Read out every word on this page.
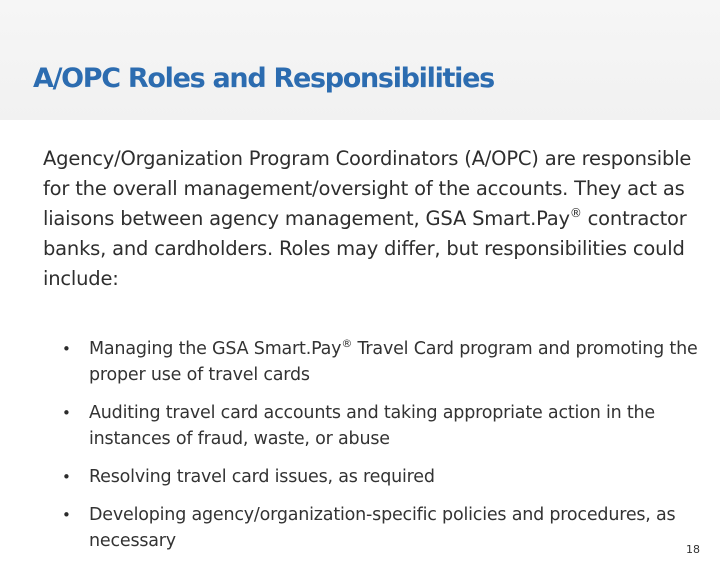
A/OPC Roles and Responsibilities

Agency/Organization Program Coordinators (A/OPC) are responsible for the overall management/oversight of the accounts. They act as liaisons between agency management, GSA Smart.Pay® contractor banks, and cardholders. Roles may differ, but responsibilities could include:

• Managing the GSA Smart.Pay® Travel Card program and promoting the proper use of travel cards
• Auditing travel card accounts and taking appropriate action in the instances of fraud, waste, or abuse
• Resolving travel card issues, as required
• Developing agency/organization-specific policies and procedures, as necessary	18
